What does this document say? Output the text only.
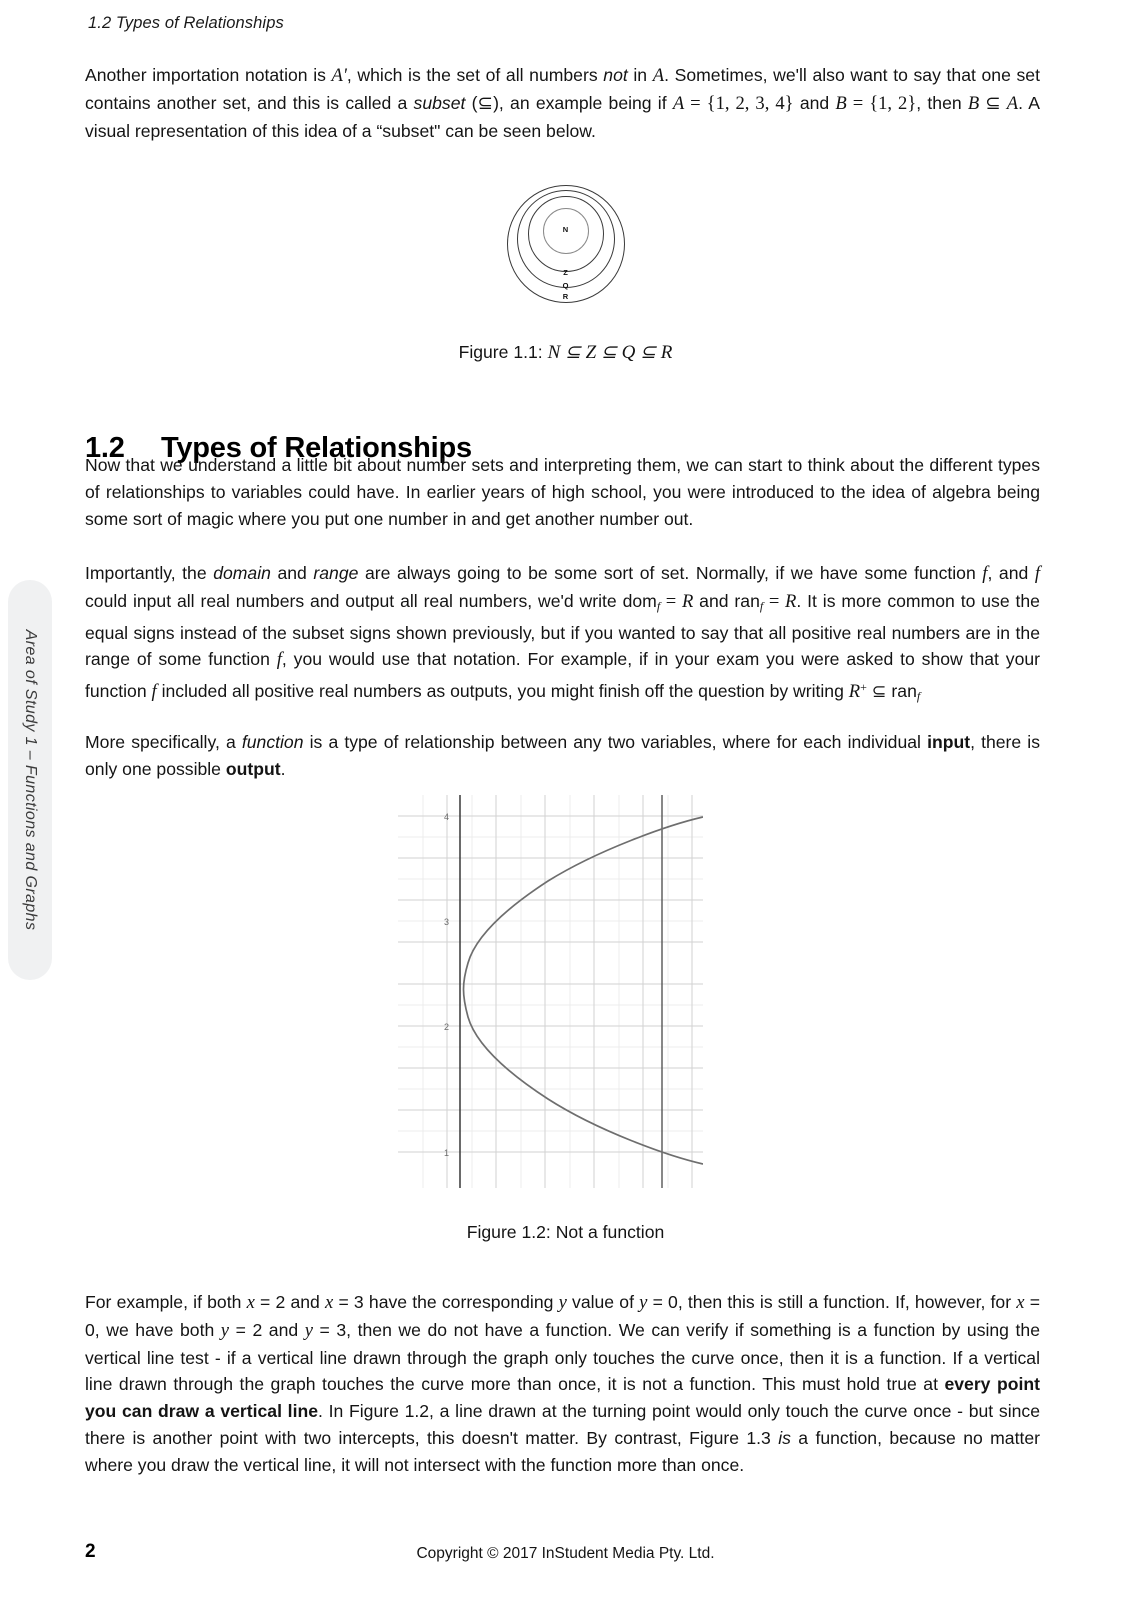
1.2 Types of Relationships
Area of Study 1 – Functions and Graphs

Another importation notation is A', which is the set of all numbers not in A. Sometimes, we'll also want to say that one set contains another set, and this is called a subset (⊆), an example being if A = {1, 2, 3, 4} and B = {1, 2}, then B ⊆ A. A visual representation of this idea of a “subset" can be seen below.

N
Z
Q
R
Figure 1.1: N ⊆ Z ⊆ Q ⊆ R
1.2 Types of Relationships

Now that we understand a little bit about number sets and interpreting them, we can start to think about the different types of relationships to variables could have. In earlier years of high school, you were introduced to the idea of algebra being some sort of magic where you put one number in and get another number out.

Importantly, the domain and range are always going to be some sort of set. Normally, if we have some function f, and f could input all real numbers and output all real numbers, we'd write dom$_f$ = R and ran$_f$ = R. It is more common to use the equal signs instead of the subset signs shown previously, but if you wanted to say that all positive real numbers are in the range of some function f, you would use that notation. For example, if in your exam you were asked to show that your function f included all positive real numbers as outputs, you might finish off the question by writing R+ ⊆ ran$_f$

More specifically, a function is a type of relationship between any two variables, where for each individual input, there is only one possible output.

4
3
2
1
Figure 1.2: Not a function

For example, if both x = 2 and x = 3 have the corresponding y value of y = 0, then this is still a function. If, however, for x = 0, we have both y = 2 and y = 3, then we do not have a function. We can verify if something is a function by using the vertical line test - if a vertical line drawn through the graph only touches the curve once, then it is a function. If a vertical line drawn through the graph touches the curve more than once, it is not a function. This must hold true at every point you can draw a vertical line. In Figure 1.2, a line drawn at the turning point would only touch the curve once - but since there is another point with two intercepts, this doesn't matter. By contrast, Figure 1.3 is a function, because no matter where you draw the vertical line, it will not intersect with the function more than once.

2	Copyright © 2017 InStudent Media Pty. Ltd.
